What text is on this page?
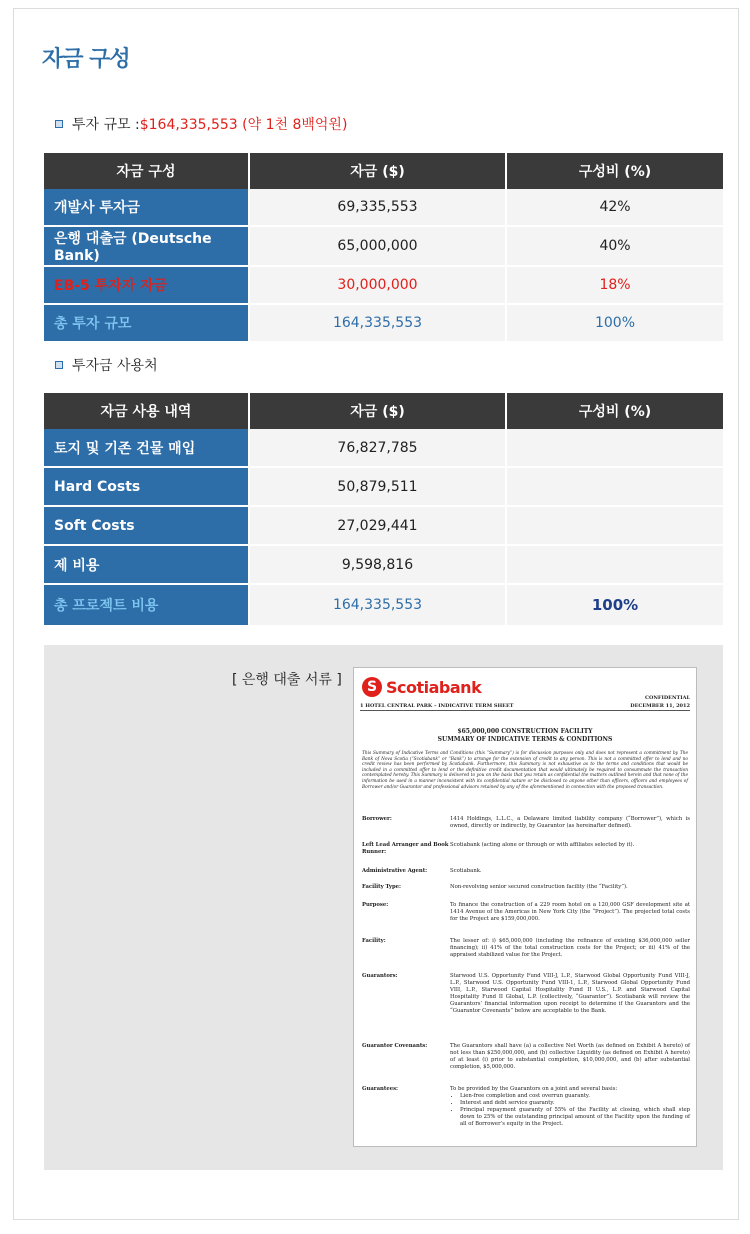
자금 구성
투자 규모 : $164,335,553 (약 1천 8백억원)
자금 구성	자금 ($)	구성비 (%)
개발사 투자금	69,335,553	42%
은행 대출금 (Deutsche Bank)	65,000,000	40%
EB-5 투자자 자금	30,000,000	18%
총 투자 규모	164,335,553	100%
투자금 사용처
자금 사용 내역	자금 ($)	구성비 (%)
토지 및 기존 건물 매입	76,827,785	
Hard Costs	50,879,511	
Soft Costs	27,029,441	
제 비용	9,598,816	
총 프로젝트 비용	164,335,553	100%
[ 은행 대출 서류 ]	S Scotiabank
CONFIDENTIAL
1 HOTEL CENTRAL PARK – INDICATIVE TERM SHEET	DECEMBER 11, 2012
$65,000,000 CONSTRUCTION FACILITY
SUMMARY OF INDICATIVE TERMS & CONDITIONS
This Summary of Indicative Terms and Conditions (this “Summary”) is for discussion purposes only and does not represent a commitment by The Bank of Nova Scotia (“Scotiabank” or “Bank”) to arrange for the extension of credit to any person. This is not a committed offer to lend and no credit review has been performed by Scotiabank. Furthermore, this Summary is not exhaustive as to the terms and conditions that would be included in a committed offer to lend or the definitive credit documentation that would ultimately be required to consummate the transaction contemplated hereby. This Summary is delivered to you on the basis that you retain as confidential the matters outlined herein and that none of the information be used in a manner inconsistent with its confidential nature or be disclosed to anyone other than officers, officers and employees of Borrower and/or Guarantor and professional advisors retained by any of the aforementioned in connection with the proposed transaction.
Borrower:	1414 Holdings, L.L.C., a Delaware limited liability company (“Borrower”), which is owned, directly or indirectly, by Guarantor (as hereinafter defined).
Left Lead Arranger and Book Runner:
Scotiabank (acting alone or through or with affiliates selected by it).
Administrative Agent:	Scotiabank.
Facility Type:	Non-revolving senior secured construction facility (the “Facility”).
Purpose:	To finance the construction of a 229 room hotel on a 120,000 GSF development site at 1414 Avenue of the Americas in New York City (the “Project”). The projected total costs for the Project are $159,000,000.
Facility:	The lesser of: i) $65,000,000 (including the refinance of existing $36,000,000 seller financing); ii) 41% of the total construction costs for the Project; or iii) 41% of the appraised stabilized value for the Project.
Guarantors:	Starwood U.S. Opportunity Fund VIII-J, L.P., Starwood Global Opportunity Fund VIII-J, L.P., Starwood U.S. Opportunity Fund VIII-1, L.P., Starwood Global Opportunity Fund VIII, L.P., Starwood Capital Hospitality Fund II U.S., L.P. and Starwood Capital Hospitality Fund II Global, L.P. (collectively, “Guarantor”). Scotiabank will review the Guarantors’ financial information upon receipt to determine if the Guarantors and the “Guarantor Covenants” below are acceptable to the Bank.
Guarantor Covenants:	The Guarantors shall have (a) a collective Net Worth (as defined on Exhibit A hereto) of not less than $250,000,000, and (b) collective Liquidity (as defined on Exhibit A hereto) of at least (i) prior to substantial completion, $10,000,000, and (b) after substantial completion, $5,000,000.
Guarantees:	To be provided by the Guarantors on a joint and several basis:
• Lien-free completion and cost overrun guaranty.
• Interest and debt service guaranty.
• Principal repayment guaranty of 55% of the Facility at closing, which shall step down to 25% of the outstanding principal amount of the Facility upon the funding of all of Borrower’s equity in the Project.
